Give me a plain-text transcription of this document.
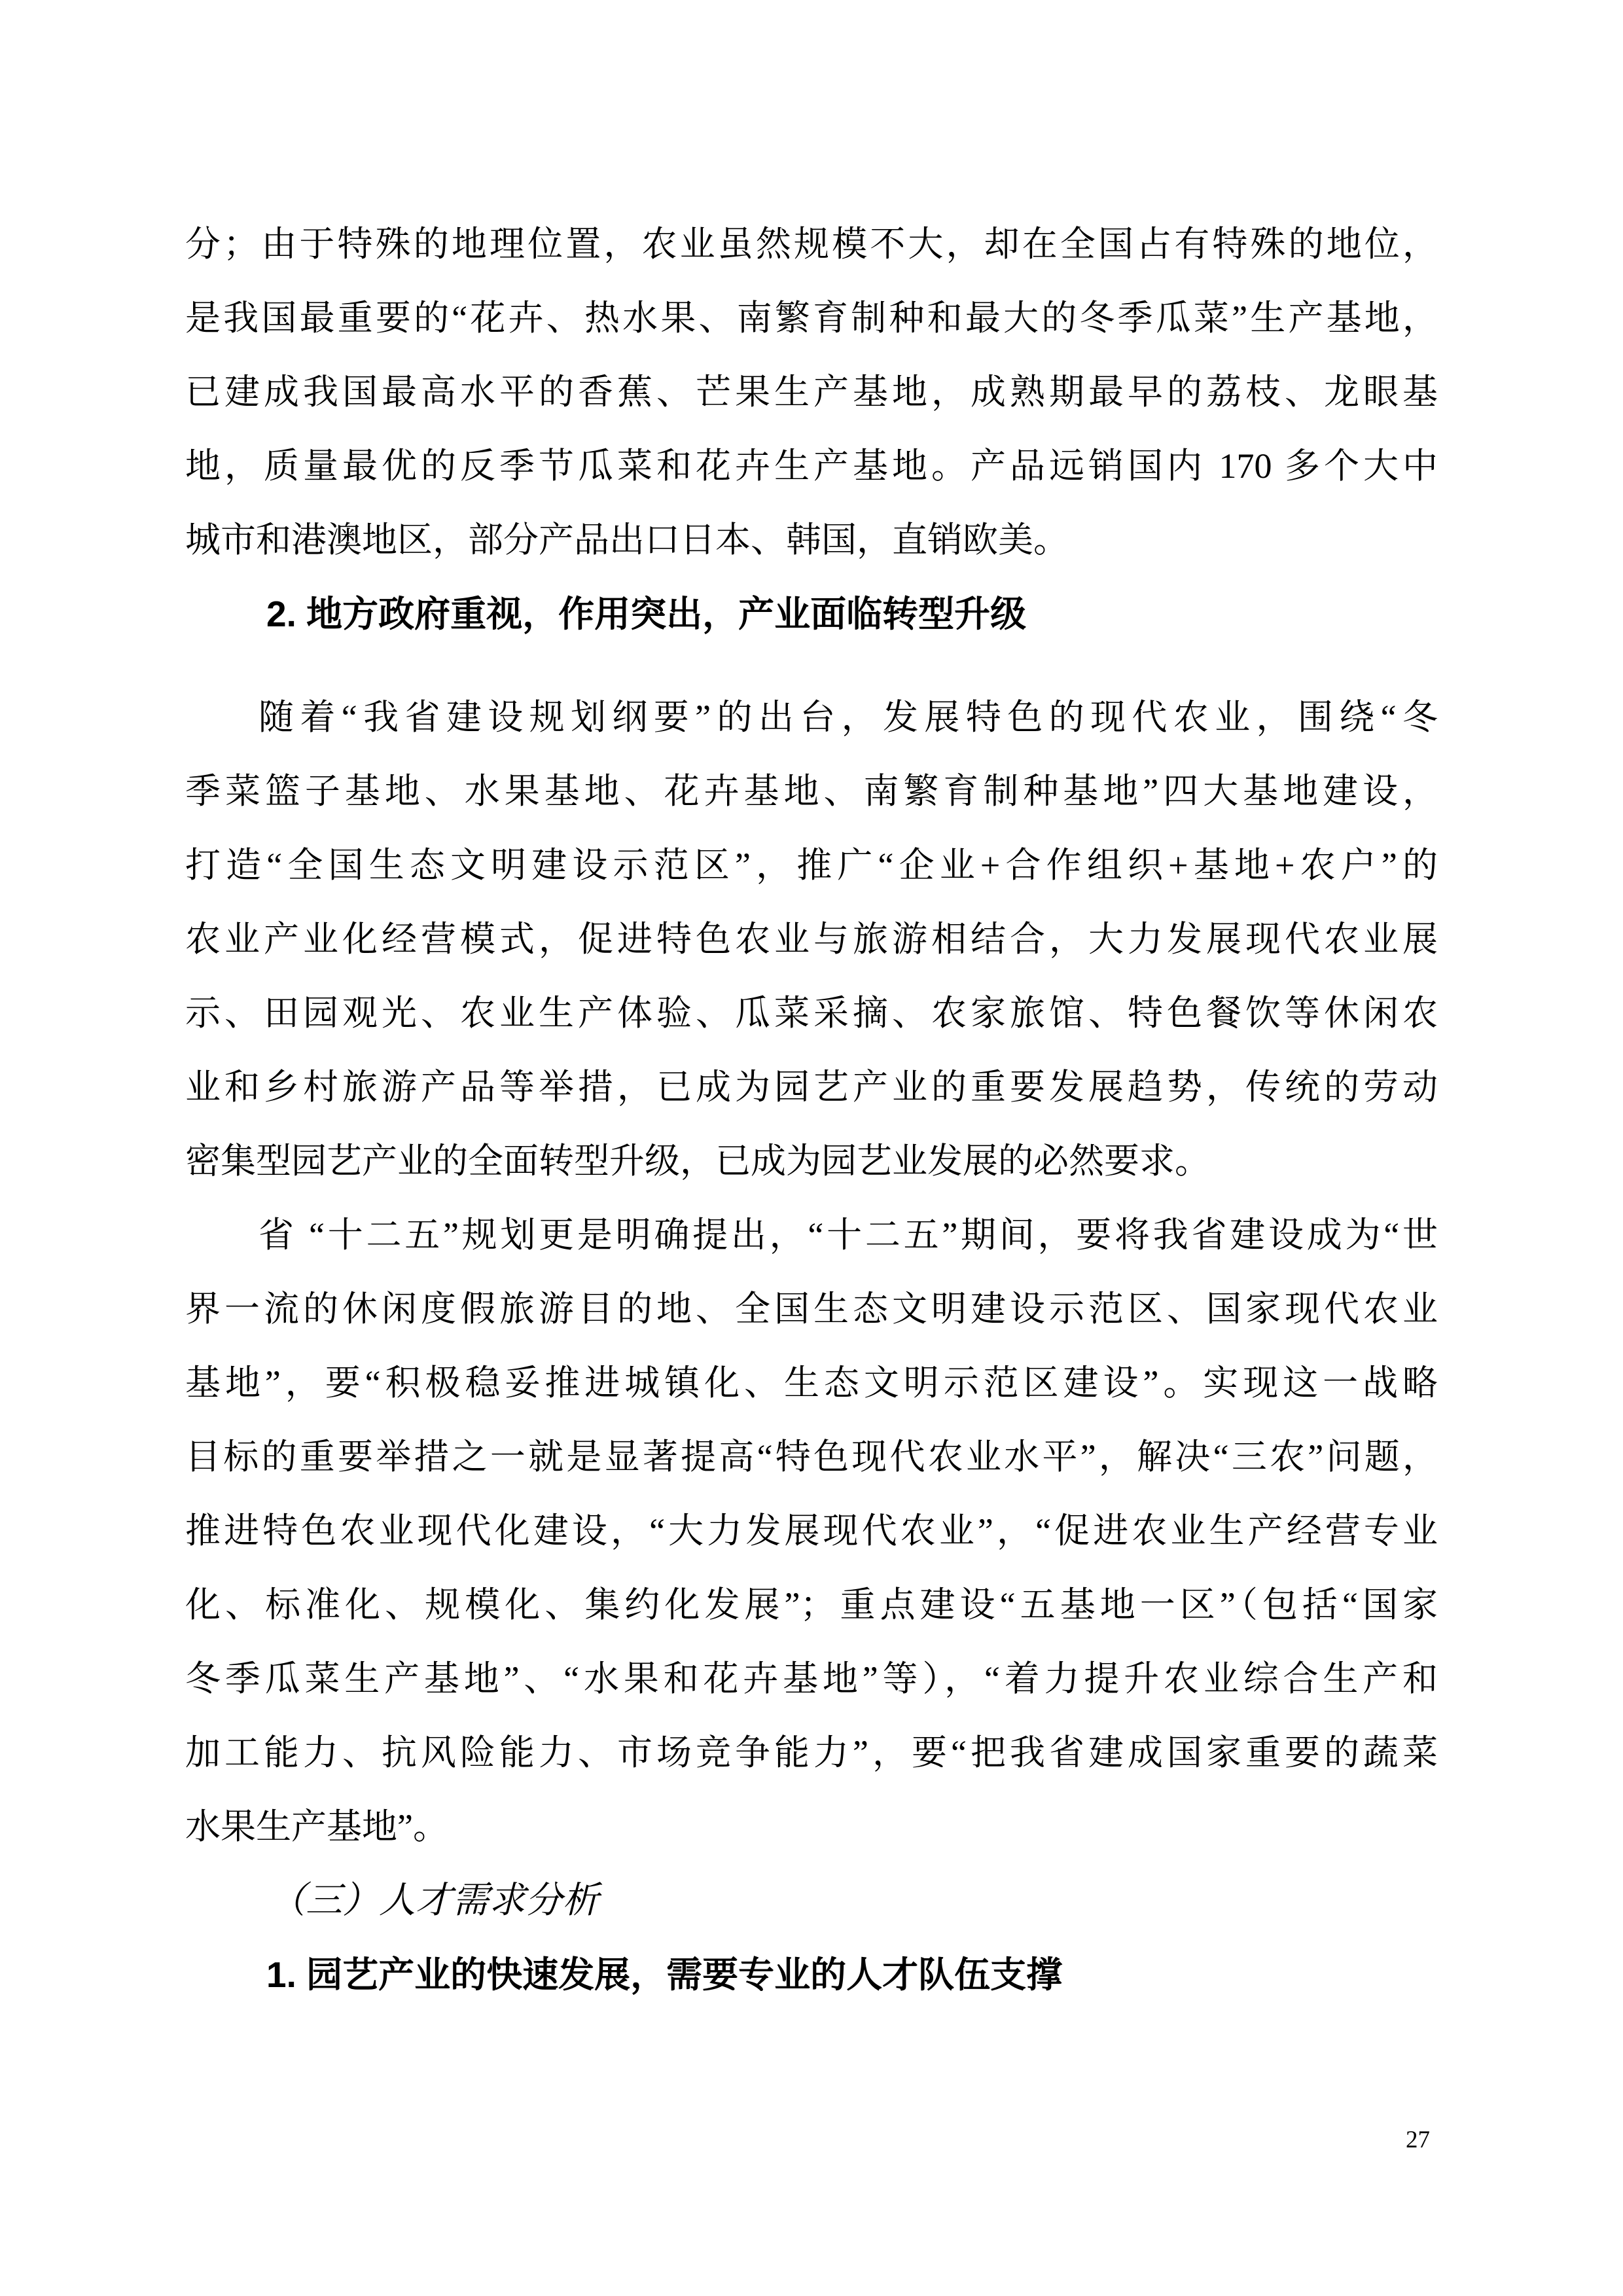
分；由于特殊的地理位置，农业虽然规模不大，却在全国占有特殊的地位，
是我国最重要的“花卉、热水果、南繁育制种和最大的冬季瓜菜”生产基地，
已建成我国最高水平的香蕉、芒果生产基地，成熟期最早的荔枝、龙眼基
地，质量最优的反季节瓜菜和花卉生产基地。产品远销国内 170 多个大中
城市和港澳地区，部分产品出口日本、韩国，直销欧美。
2. 地方政府重视，作用突出，产业面临转型升级
随着“我省建设规划纲要”的出台，发展特色的现代农业，围绕“冬
季菜篮子基地、水果基地、花卉基地、南繁育制种基地”四大基地建设，
打造“全国生态文明建设示范区”，推广“企业+合作组织+基地+农户”的
农业产业化经营模式，促进特色农业与旅游相结合，大力发展现代农业展
示、田园观光、农业生产体验、瓜菜采摘、农家旅馆、特色餐饮等休闲农
业和乡村旅游产品等举措，已成为园艺产业的重要发展趋势，传统的劳动
密集型园艺产业的全面转型升级，已成为园艺业发展的必然要求。
省 “十二五”规划更是明确提出，“十二五”期间，要将我省建设成为“世
界一流的休闲度假旅游目的地、全国生态文明建设示范区、国家现代农业
基地”，要“积极稳妥推进城镇化、生态文明示范区建设”。实现这一战略
目标的重要举措之一就是显著提高“特色现代农业水平”，解决“三农”问题，
推进特色农业现代化建设，“大力发展现代农业”，“促进农业生产经营专业
化、标准化、规模化、集约化发展”；重点建设“五基地一区”（包括“国家
冬季瓜菜生产基地”、“水果和花卉基地”等），“着力提升农业综合生产和
加工能力、抗风险能力、市场竞争能力”，要“把我省建成国家重要的蔬菜
水果生产基地”。
（三）人才需求分析
1. 园艺产业的快速发展，需要专业的人才队伍支撑
27
